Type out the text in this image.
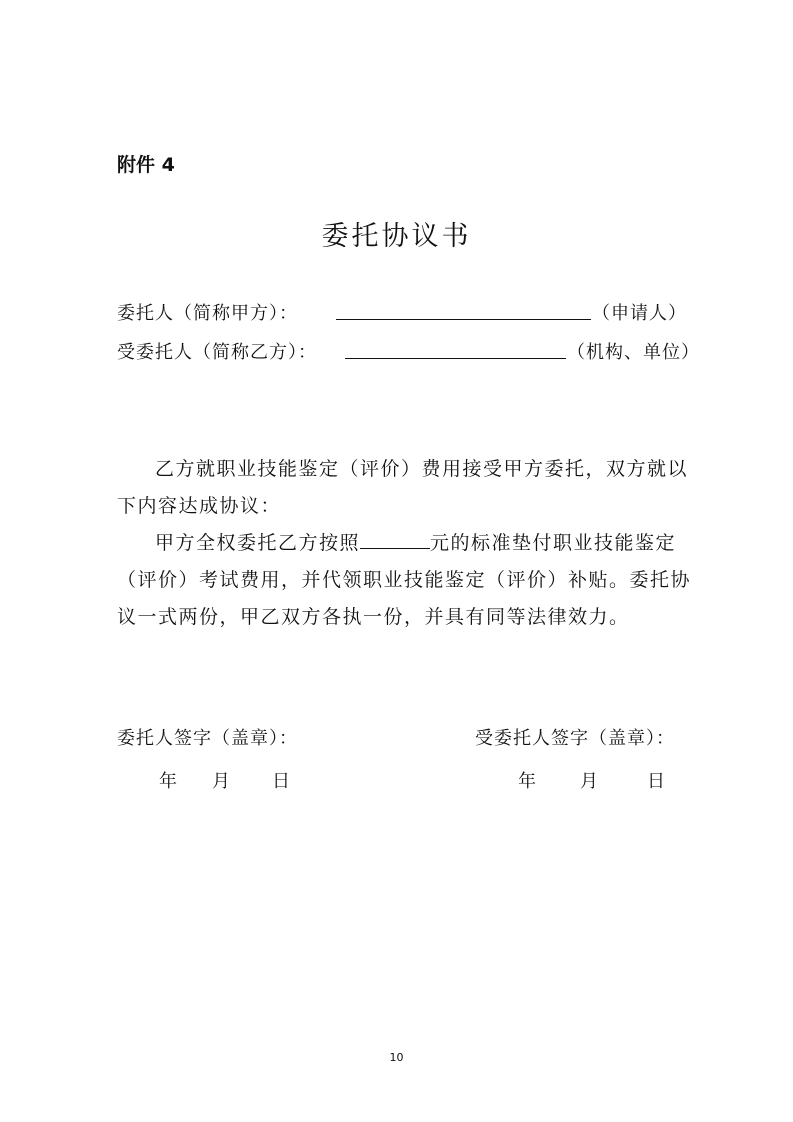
附件 4
委托协议书
委托人（简称甲方）：	（申请人）
受委托人（简称乙方）：	（机构、单位）
乙方就职业技能鉴定（评价）费用接受甲方委托，双方就以下内容达成协议：
甲方全权委托乙方按照	元的标准垫付职业技能鉴定（评价）考试费用，并代领职业技能鉴定（评价）补贴。委托协议一式两份，甲乙双方各执一份，并具有同等法律效力。
委托人签字（盖章）：	受委托人签字（盖章）：
年 月 日	年 月	日
10
